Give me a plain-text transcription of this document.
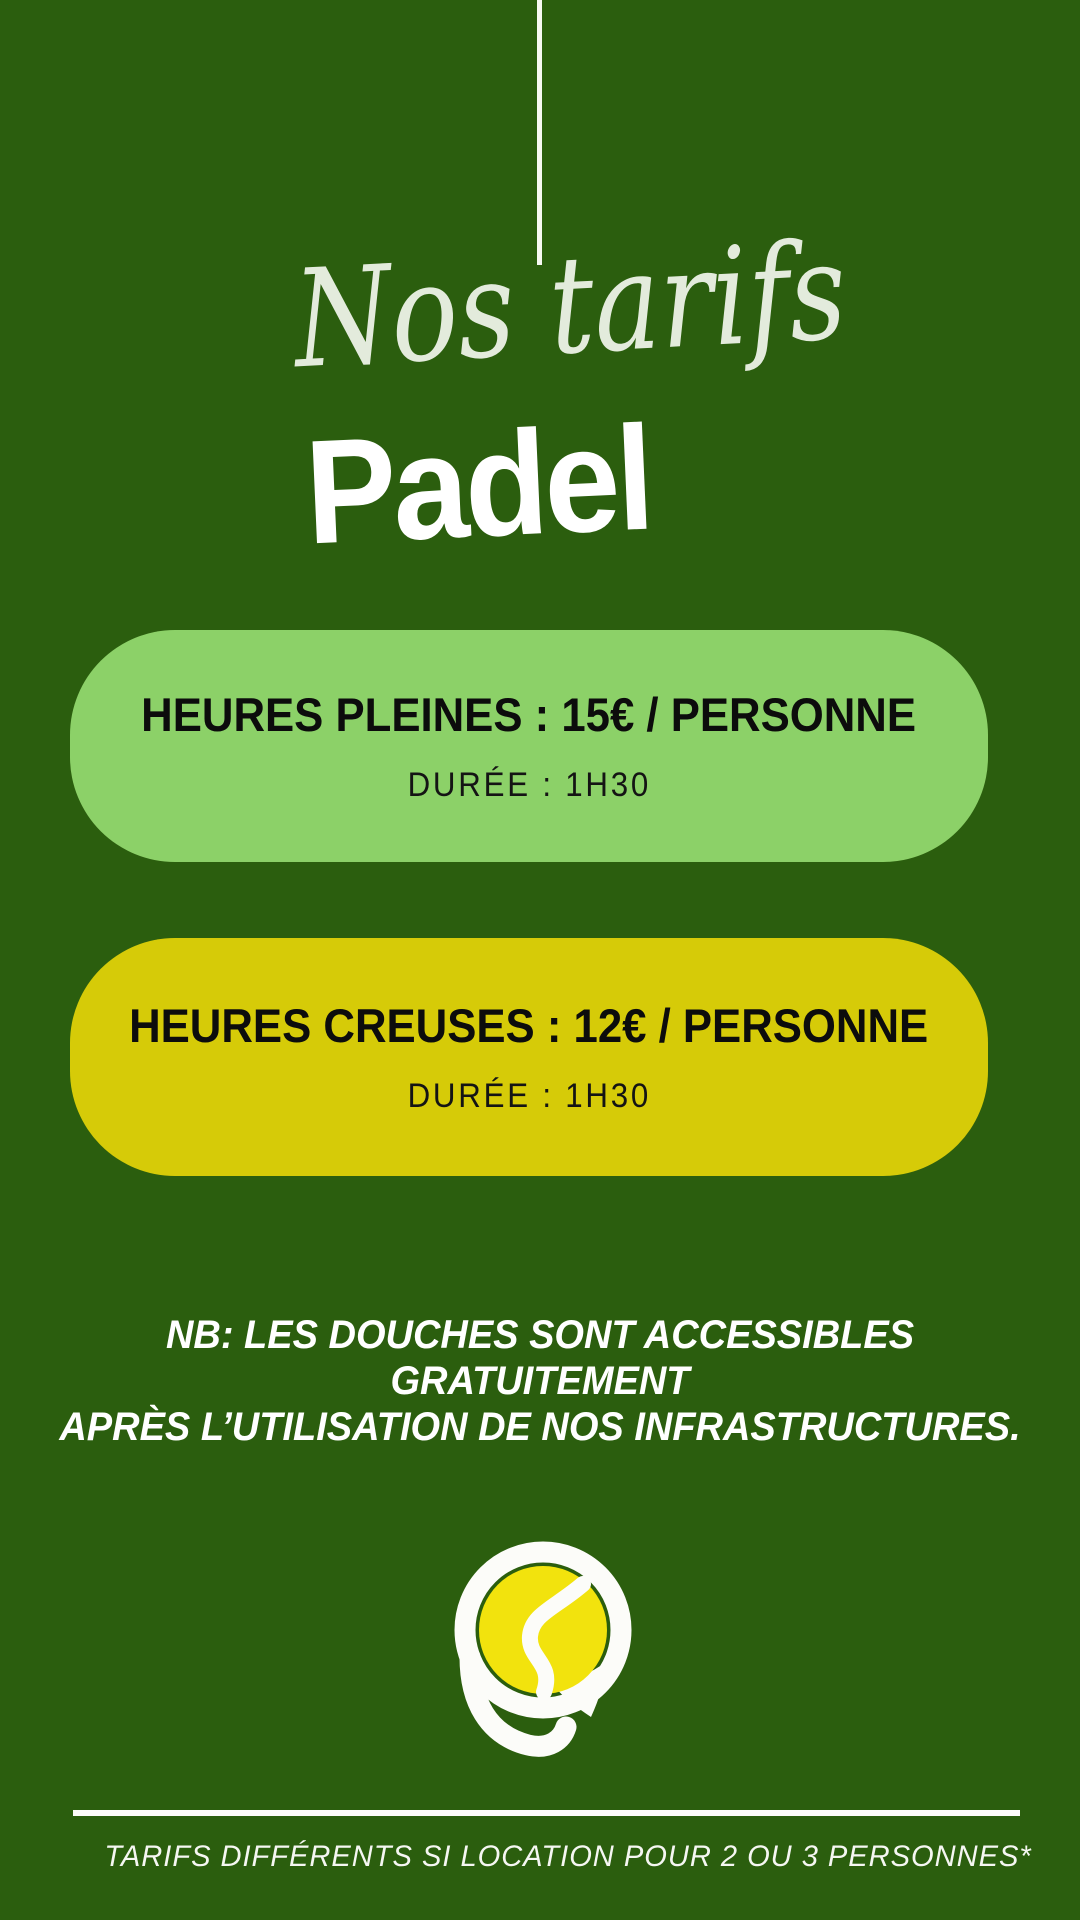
Nos tarifs
Padel
HEURES PLEINES : 15€ / PERSONNE
DURÉE : 1H30
HEURES CREUSES : 12€ / PERSONNE
DURÉE : 1H30
NB: LES DOUCHES SONT ACCESSIBLES GRATUITEMENT
APRÈS L’UTILISATION DE NOS INFRASTRUCTURES.
TARIFS DIFFÉRENTS SI LOCATION POUR 2 OU 3 PERSONNES*
